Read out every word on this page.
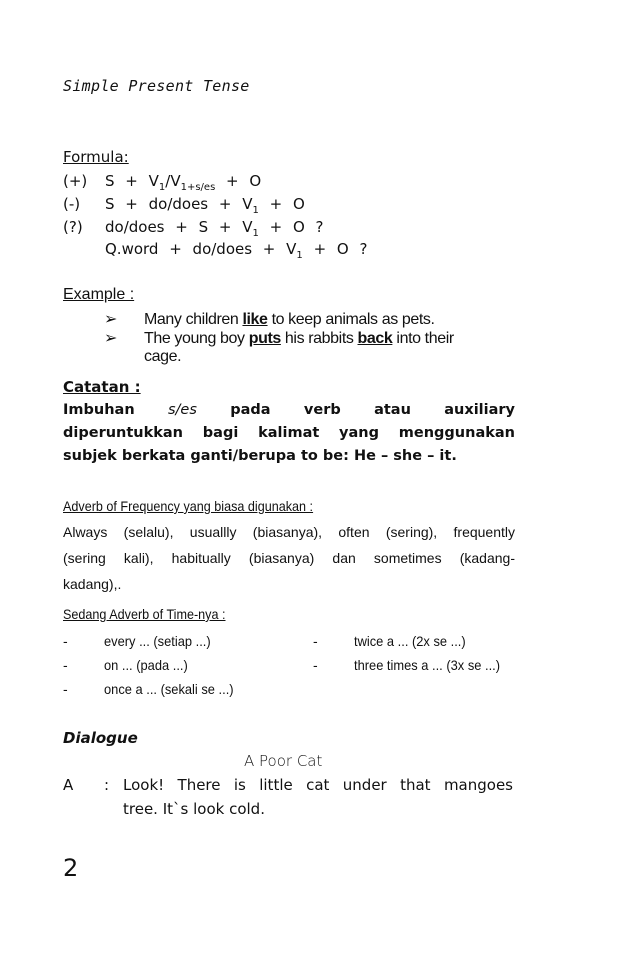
Simple Present Tense
Formula:
(+) $S + V_1/V_{1+s/es} + O$
(-) S + do/does + $V_1 + O$
(?) do/does + $S + V_1 + O$ ?
Q.word + do/does + $V_1 + O$ ?
Example :
➢ Many children like to keep animals as pets.
➢ The young boy puts his rabbits back into their
cage.
Catatan :
Imbuhan s/es pada verb atau auxiliary
diperuntukkan bagi kalimat yang menggunakan
subjek berkata ganti/berupa to be: He – she – it.
Adverb of Frequency yang biasa digunakan :
Always (selalu), usuallly (biasanya), often (sering), frequently
(sering kali), habitually (biasanya) dan sometimes (kadang-
kadang),.
Sedang Adverb of Time-nya :
-	every ... (setiap ...)	-	twice a ... (2x se ...)
-	on ... (pada ...)	-	three times a ... (3x se ...)
-	once a ... (sekali se ...)
Dialogue
A Poor Cat
A : Look! There is little cat under that mangoes
tree. It`s look cold.
2
